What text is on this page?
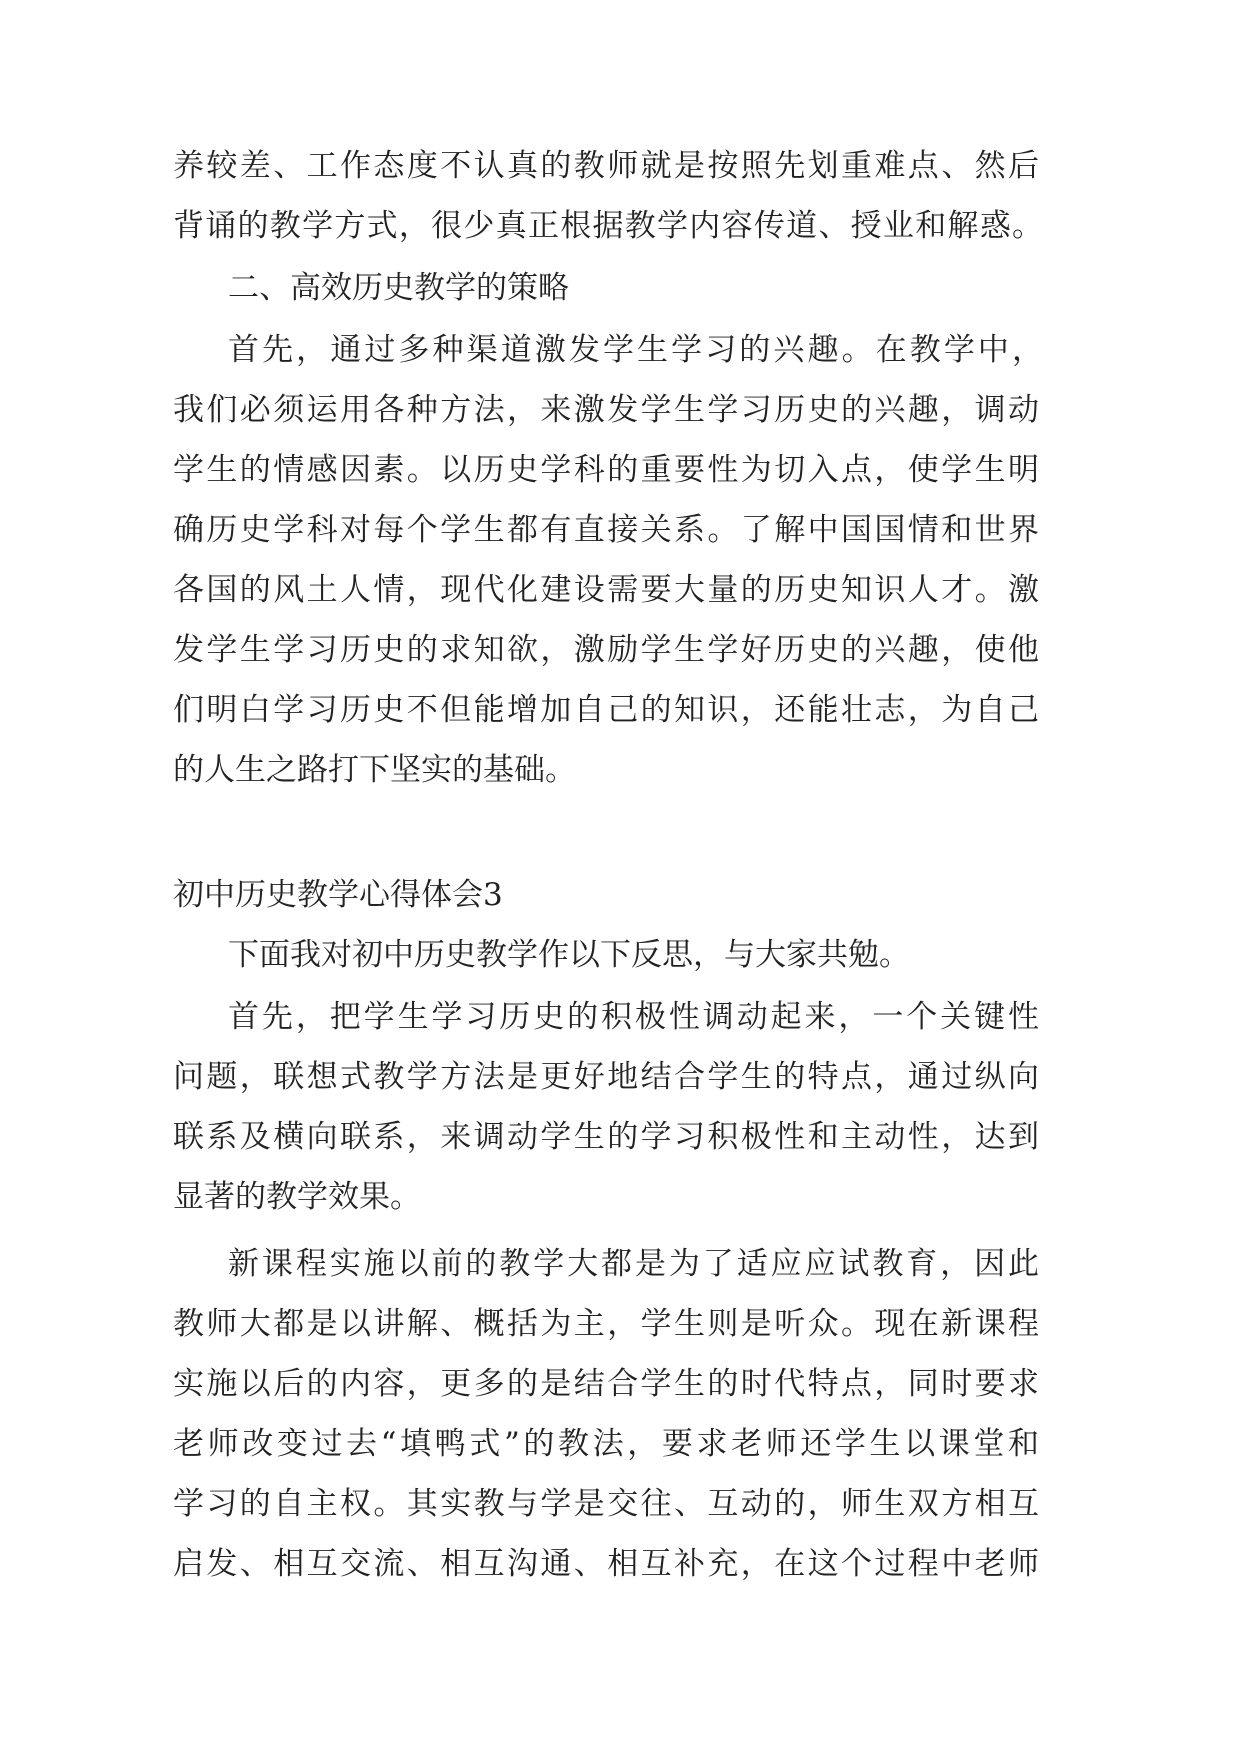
养较差、工作态度不认真的教师就是按照先划重难点、然后
背诵的教学方式，很少真正根据教学内容传道、授业和解惑。
二、高效历史教学的策略
首先，通过多种渠道激发学生学习的兴趣。在教学中，
我们必须运用各种方法，来激发学生学习历史的兴趣，调动
学生的情感因素。以历史学科的重要性为切入点，使学生明
确历史学科对每个学生都有直接关系。了解中国国情和世界
各国的风土人情，现代化建设需要大量的历史知识人才。激
发学生学习历史的求知欲，激励学生学好历史的兴趣，使他
们明白学习历史不但能增加自己的知识，还能壮志，为自己
的人生之路打下坚实的基础。
初中历史教学心得体会3
下面我对初中历史教学作以下反思，与大家共勉。
首先，把学生学习历史的积极性调动起来，一个关键性
问题，联想式教学方法是更好地结合学生的特点，通过纵向
联系及横向联系，来调动学生的学习积极性和主动性，达到
显著的教学效果。
新课程实施以前的教学大都是为了适应应试教育，因此
教师大都是以讲解、概括为主，学生则是听众。现在新课程
实施以后的内容，更多的是结合学生的时代特点，同时要求
老师改变过去“填鸭式”的教法，要求老师还学生以课堂和
学习的自主权。其实教与学是交往、互动的，师生双方相互
启发、相互交流、相互沟通、相互补充，在这个过程中老师
